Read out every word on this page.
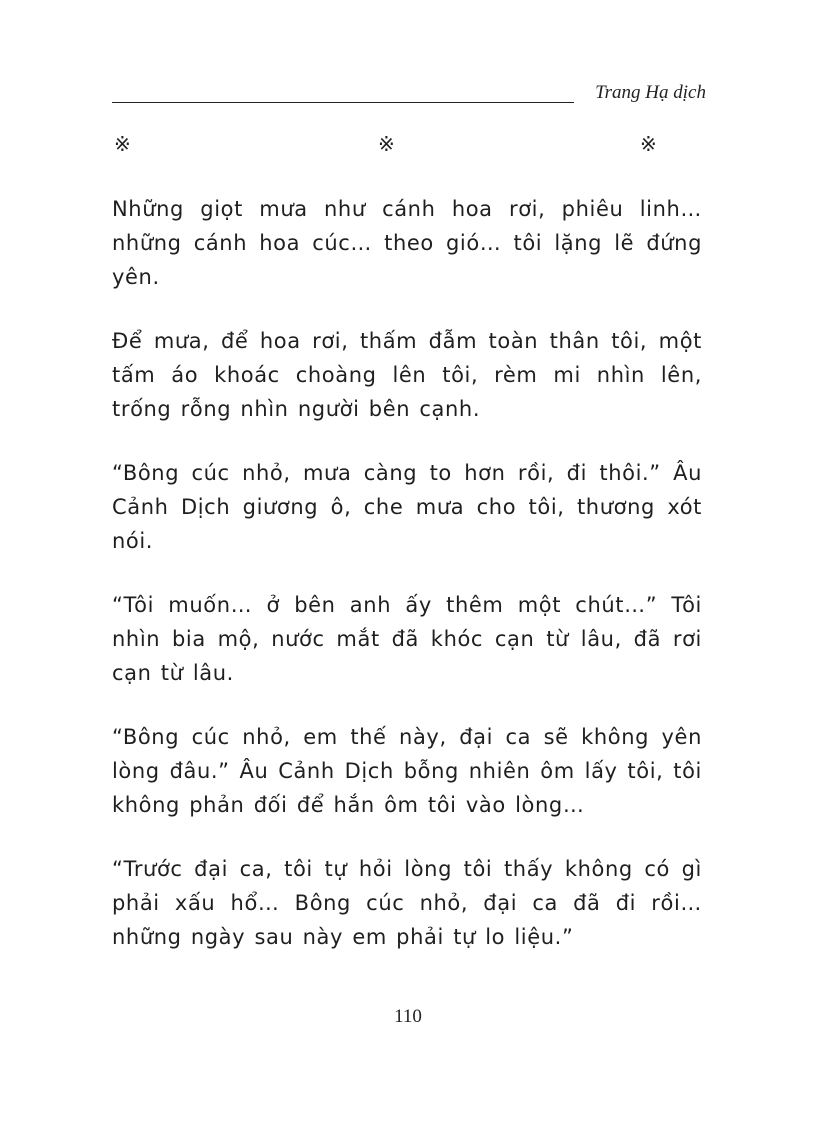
Trang Hạ dịch
※	※	※

Những giọt mưa như cánh hoa rơi, phiêu linh… những cánh hoa cúc… theo gió… tôi lặng lẽ đứng yên.

Để mưa, để hoa rơi, thấm đẫm toàn thân tôi, một tấm áo khoác choàng lên tôi, rèm mi nhìn lên, trống rỗng nhìn người bên cạnh.

“Bông cúc nhỏ, mưa càng to hơn rồi, đi thôi.” Âu Cảnh Dịch giương ô, che mưa cho tôi, thương xót nói.

“Tôi muốn… ở bên anh ấy thêm một chút…” Tôi nhìn bia mộ, nước mắt đã khóc cạn từ lâu, đã rơi cạn từ lâu.

“Bông cúc nhỏ, em thế này, đại ca sẽ không yên lòng đâu.” Âu Cảnh Dịch bỗng nhiên ôm lấy tôi, tôi không phản đối để hắn ôm tôi vào lòng…

“Trước đại ca, tôi tự hỏi lòng tôi thấy không có gì phải xấu hổ… Bông cúc nhỏ, đại ca đã đi rồi… những ngày sau này em phải tự lo liệu.”

110
